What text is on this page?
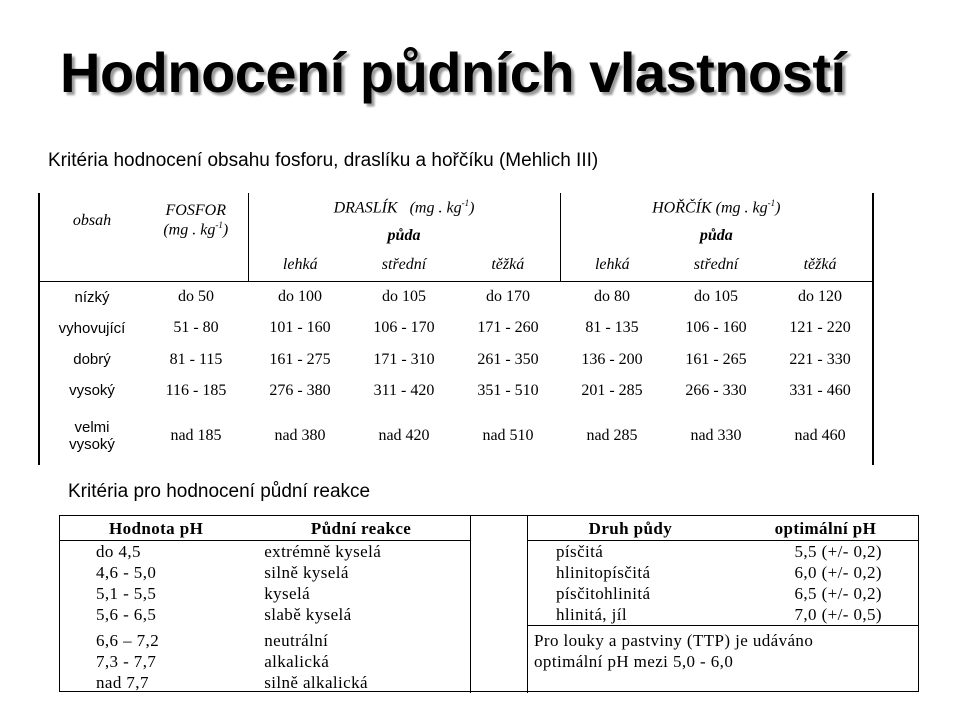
Hodnocení půdních vlastností
Kritéria hodnocení obsahu fosforu, draslíku a hořčíku (Mehlich III)
obsah	FOSFOR
(mg . $kg^{-1}$)	DRASLÍK (mg . $kg^{-1}$)			HOŘČÍK (mg . $kg^{-1}$)		
		půda			půda		
		lehká	střední	těžká	lehká	střední	těžká
nízký	do 50	do 100	do 105	do 170	do 80	do 105	do 120
vyhovující	51 - 80	101 - 160	106 - 170	171 - 260	81 - 135	106 - 160	121 - 220
dobrý	81 - 115	161 - 275	171 - 310	261 - 350	136 - 200	161 - 265	221 - 330
vysoký	116 - 185	276 - 380	311 - 420	351 - 510	201 - 285	266 - 330	331 - 460

velmi
vysoký	nad 185	nad 380	nad 420	nad 510	nad 285	nad 330	nad 460
Kritéria pro hodnocení půdní reakce
Hodnota pH	Půdní reakce		Druh půdy	optimální pH
do 4,5	extrémně kyselá		písčitá	5,5 (+/- 0,2)
4,6 - 5,0	silně kyselá		hlinitopísčitá	6,0 (+/- 0,2)
5,1 - 5,5	kyselá		písčitohlinitá	6,5 (+/- 0,2)
5,6 - 6,5	slabě kyselá		hlinitá, jíl	7,0 (+/- 0,5)

6,6 – 7,2	neutrální		Pro louky a pastviny (TTP) je udáváno	
7,3 - 7,7	alkalická		optimální pH mezi 5,0 - 6,0	
nad 7,7	silně alkalická			
